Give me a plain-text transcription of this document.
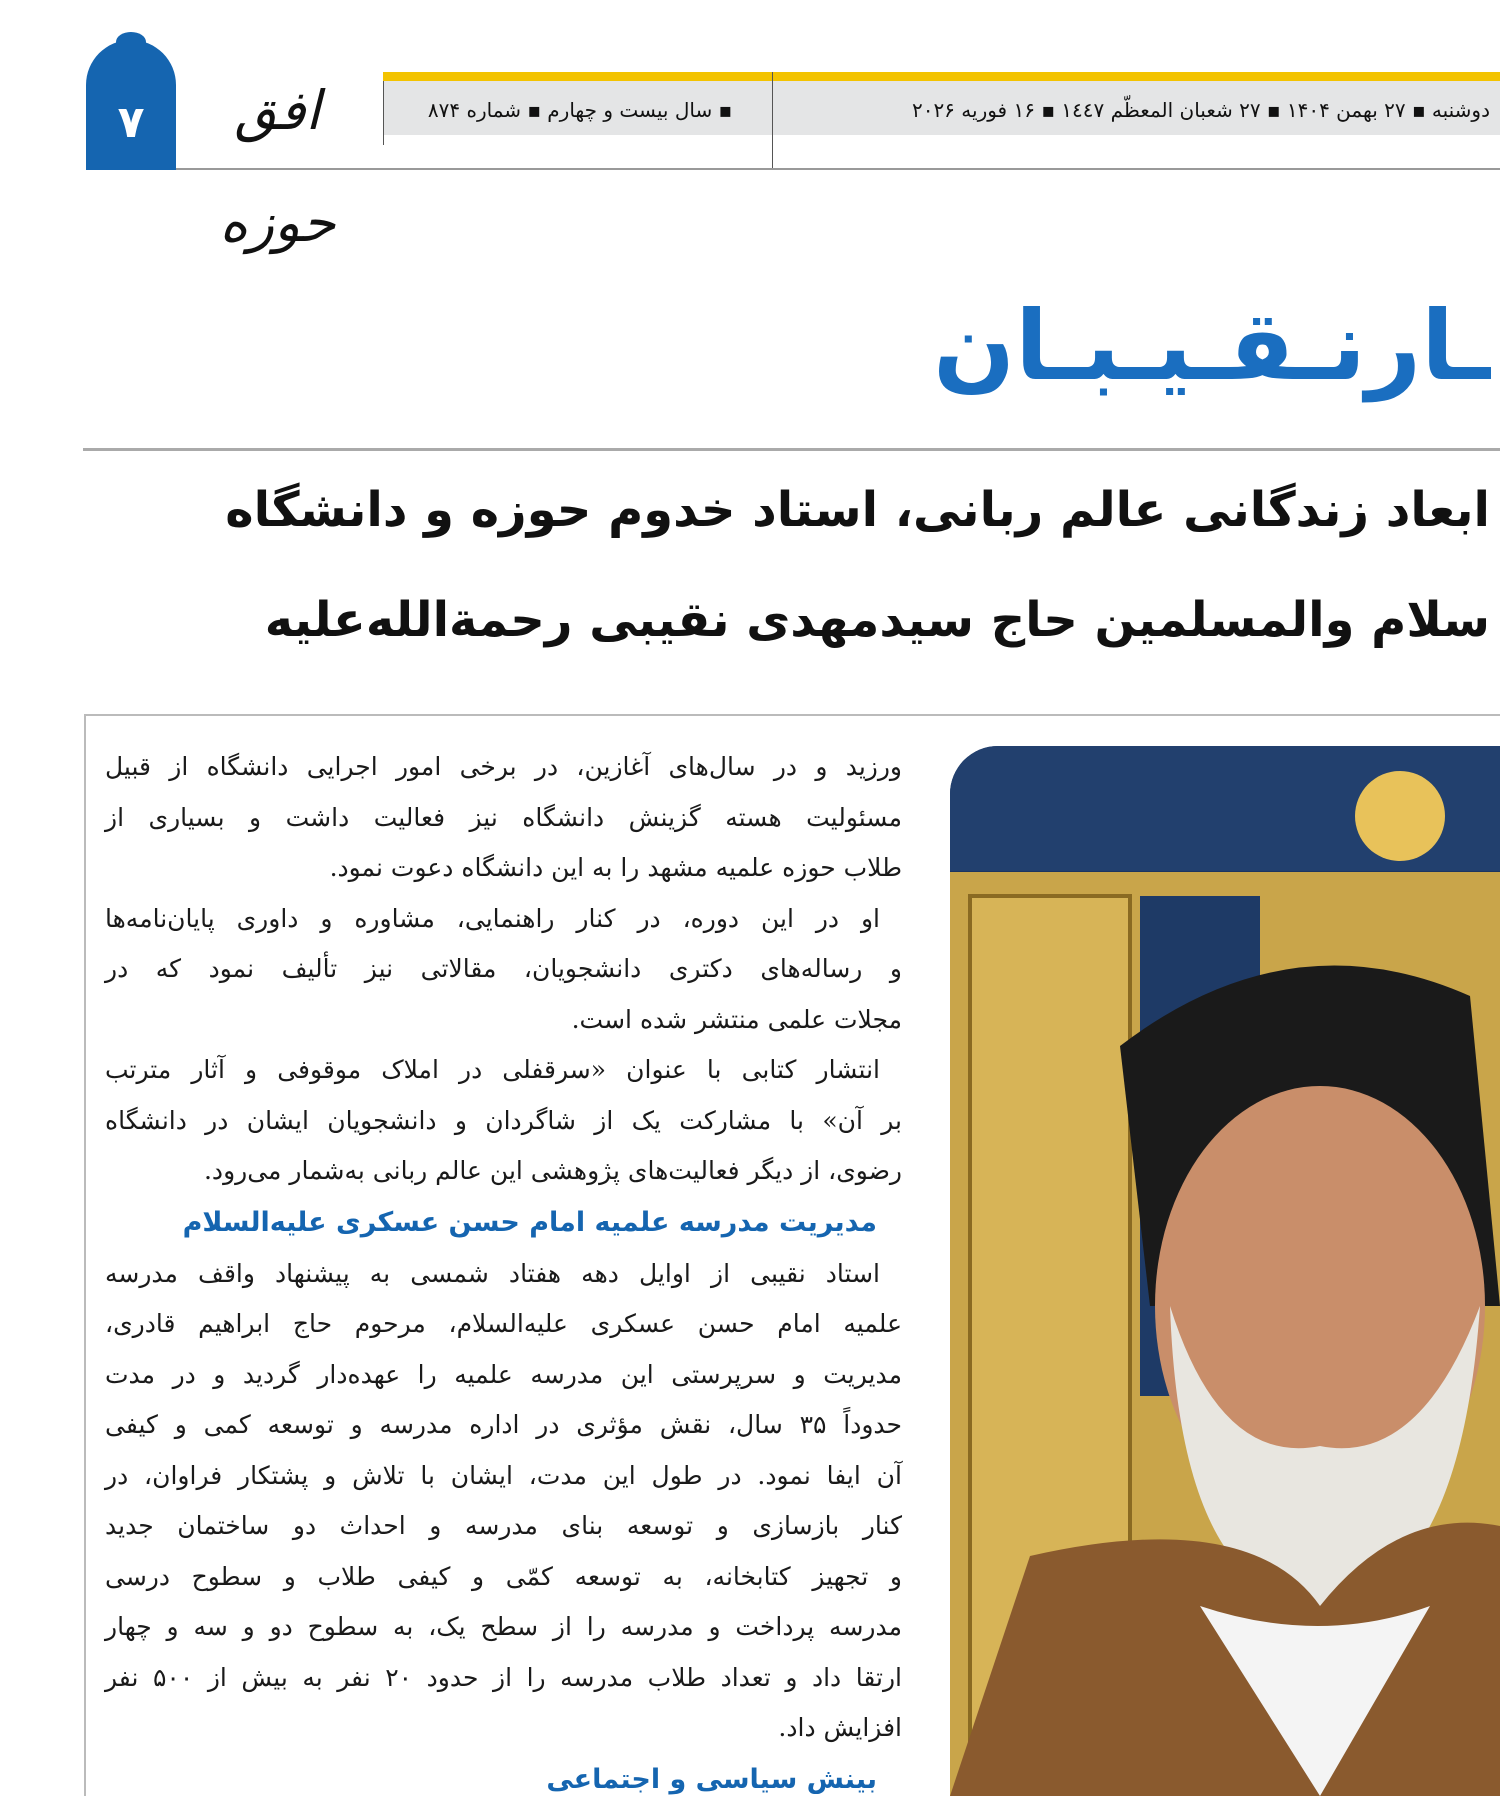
۷	افق حوزه
▪ سال بیست و چهارم ▪ شماره ۸۷۴	دوشنبه ▪ ۲۷ بهمن ۱۴۰۴ ▪ ۲۷ شعبان المعظّم ١٤٤٧ ▪ ۱۶ فوریه ۲۰۲۶
ـارنـقـیـبـان
ابعاد زندگانی عالم ربانی، استاد خدوم حوزه و دانشگاه
سلام والمسلمین حاج سیدمهدی نقیبی رحمة‌الله‌علیه
ورزید و در سال‌های آغازین، در برخی امور اجرایی دانشگاه از قبیل
مسئولیت هسته گزینش دانشگاه نیز فعالیت داشت و بسیاری از
طلاب حوزه علمیه مشهد را به این دانشگاه دعوت نمود.
او در این دوره، در کنار راهنمایی، مشاوره و داوری پایان‌نامه‌ها
و رساله‌های دکتری دانشجویان، مقالاتی نیز تألیف نمود که در
مجلات علمی منتشر شده است.
انتشار کتابی با عنوان «سرقفلی در املاک موقوفی و آثار مترتب
بر آن» با مشارکت یک از شاگردان و دانشجویان ایشان در دانشگاه
رضوی، از دیگر فعالیت‌های پژوهشی این عالم ربانی به‌شمار می‌رود.
مدیریت مدرسه علمیه امام حسن عسکری علیه‌السلام
استاد نقیبی از اوایل دهه هفتاد شمسی به پیشنهاد واقف مدرسه
علمیه امام حسن عسکری علیه‌السلام، مرحوم حاج ابراهیم قادری،
مدیریت و سرپرستی این مدرسه علمیه را عهده‌دار گردید و در مدت
حدوداً ۳۵ سال، نقش مؤثری در اداره مدرسه و توسعه کمی و کیفی
آن ایفا نمود. در طول این مدت، ایشان با تلاش و پشتکار فراوان، در
کنار بازسازی و توسعه بنای مدرسه و احداث دو ساختمان جدید
و تجهیز کتابخانه، به توسعه کمّی و کیفی طلاب و سطوح درسی
مدرسه پرداخت و مدرسه را از سطح یک، به سطوح دو و سه و چهار
ارتقا داد و تعداد طلاب مدرسه را از حدود ۲۰ نفر به بیش از ۵۰۰ نفر
افزایش داد.
بینش سیاسی و اجتماعی
